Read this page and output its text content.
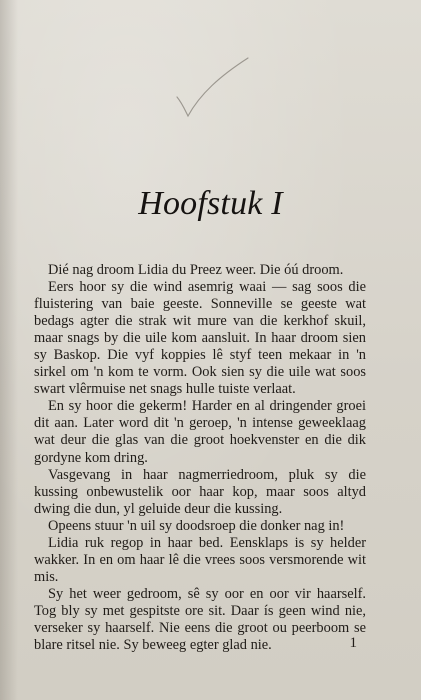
Hoofstuk I

Dié nag droom Lidia du Preez weer. Die óú droom.

Eers hoor sy die wind asemrig waai — sag soos die fluistering van baie geeste. Sonneville se geeste wat bedags agter die strak wit mure van die kerkhof skuil, maar snags by die uile kom aansluit. In haar droom sien sy Baskop. Die vyf koppies lê styf teen mekaar in 'n sirkel om 'n kom te vorm. Ook sien sy die uile wat soos swart vlêrmuise net snags hulle tuiste verlaat.

En sy hoor die gekerm! Harder en al dringender groei dit aan. Later word dit 'n geroep, 'n intense geweeklaag wat deur die glas van die groot hoekvenster en die dik gordyne kom dring.

Vasgevang in haar nagmerriedroom, pluk sy die kussing onbewustelik oor haar kop, maar soos altyd dwing die dun, yl geluide deur die kussing.

Opeens stuur 'n uil sy doodsroep die donker nag in!

Lidia ruk regop in haar bed. Eensklaps is sy helder wakker. In en om haar lê die vrees soos versmorende wit mis.

Sy het weer gedroom, sê sy oor en oor vir haarself. Tog bly sy met gespitste ore sit. Daar ís geen wind nie, verseker sy haarself. Nie eens die groot ou peerboom se blare ritsel nie. Sy beweeg egter glad nie.	1
